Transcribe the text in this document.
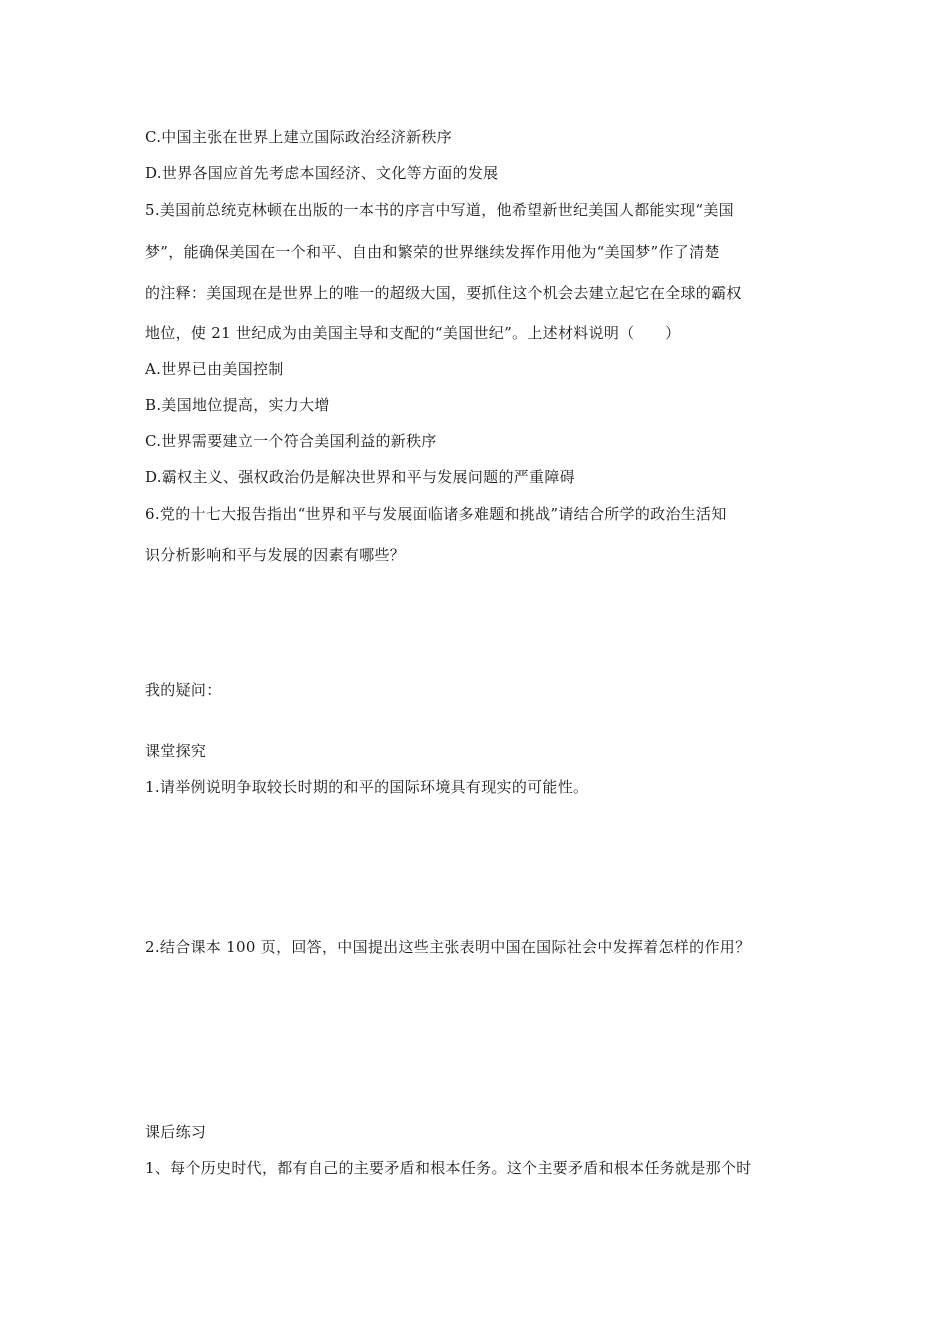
C.中国主张在世界上建立国际政治经济新秩序
D.世界各国应首先考虑本国经济、文化等方面的发展
5.美国前总统克林顿在出版的一本书的序言中写道，他希望新世纪美国人都能实现“美国
梦”，能确保美国在一个和平、自由和繁荣的世界继续发挥作用他为“美国梦”作了清楚
的注释：美国现在是世界上的唯一的超级大国，要抓住这个机会去建立起它在全球的霸权
地位，使 21 世纪成为由美国主导和支配的“美国世纪”。上述材料说明（　　）
A.世界已由美国控制
B.美国地位提高，实力大增
C.世界需要建立一个符合美国利益的新秩序
D.霸权主义、强权政治仍是解决世界和平与发展问题的严重障碍
6.党的十七大报告指出“世界和平与发展面临诸多难题和挑战”请结合所学的政治生活知
识分析影响和平与发展的因素有哪些？
我的疑问：
课堂探究
1.请举例说明争取较长时期的和平的国际环境具有现实的可能性。
2.结合课本 100 页，回答，中国提出这些主张表明中国在国际社会中发挥着怎样的作用？
课后练习
1、每个历史时代，都有自己的主要矛盾和根本任务。这个主要矛盾和根本任务就是那个时
